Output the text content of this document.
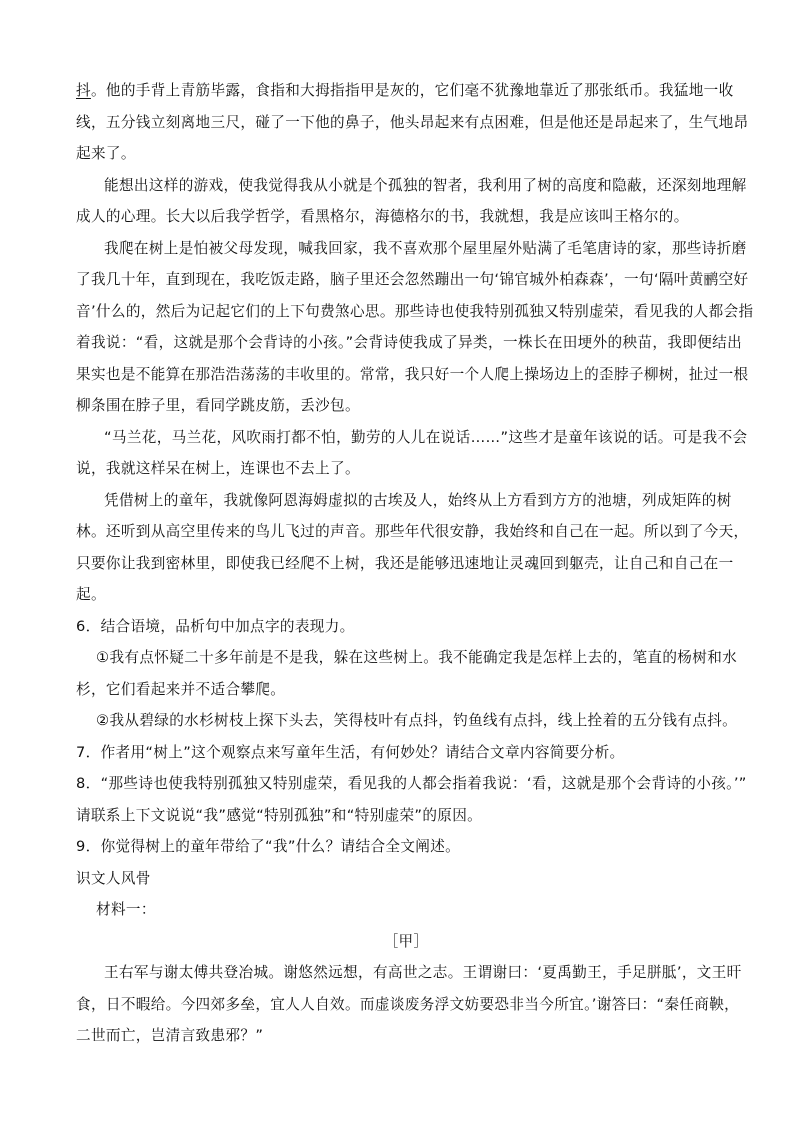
抖。他的手背上青筋毕露，食指和大拇指指甲是灰的，它们毫不犹豫地靠近了那张纸币。我猛地一收
线，五分钱立刻离地三尺，碰了一下他的鼻子，他头昂起来有点困难，但是他还是昂起来了，生气地昂
起来了。
能想出这样的游戏，使我觉得我从小就是个孤独的智者，我利用了树的高度和隐蔽，还深刻地理解
成人的心理。长大以后我学哲学，看黑格尔，海德格尔的书，我就想，我是应该叫王格尔的。
我爬在树上是怕被父母发现，喊我回家，我不喜欢那个屋里屋外贴满了毛笔唐诗的家，那些诗折磨
了我几十年，直到现在，我吃饭走路，脑子里还会忽然蹦出一句‘锦官城外柏森森’，一句‘隔叶黄鹂空好
音’什么的，然后为记起它们的上下句费煞心思。那些诗也使我特别孤独又特别虚荣，看见我的人都会指
着我说：“看，这就是那个会背诗的小孩。”会背诗使我成了异类，一株长在田埂外的秧苗，我即便结出
果实也是不能算在那浩浩荡荡的丰收里的。常常，我只好一个人爬上操场边上的歪脖子柳树，扯过一根
柳条围在脖子里，看同学跳皮筋，丢沙包。
“马兰花，马兰花，风吹雨打都不怕，勤劳的人儿在说话……”这些才是童年该说的话。可是我不会
说，我就这样呆在树上，连课也不去上了。
凭借树上的童年，我就像阿恩海姆虚拟的古埃及人，始终从上方看到方方的池塘，列成矩阵的树
林。还听到从高空里传来的鸟儿飞过的声音。那些年代很安静，我始终和自己在一起。所以到了今天，
只要你让我到密林里，即使我已经爬不上树，我还是能够迅速地让灵魂回到躯壳，让自己和自己在一
起。
6．结合语境，品析句中加点字的表现力。
①我有点怀疑二十多年前是不是我，躲在这些树上。我不能确定我是怎样上去的，笔直的杨树和水
杉，它们看起来并不适合攀爬。
②我从碧绿的水杉树枝上探下头去，笑得枝叶有点抖，钓鱼线有点抖，线上拴着的五分钱有点抖。
7．作者用“树上”这个观察点来写童年生活，有何妙处？请结合文章内容简要分析。
8．“那些诗也使我特别孤独又特别虚荣，看见我的人都会指着我说：‘看，这就是那个会背诗的小孩。’”
请联系上下文说说“我”感觉“特别孤独”和“特别虚荣”的原因。
9．你觉得树上的童年带给了“我”什么？请结合全文阐述。
识文人风骨
材料一：
［甲］
王右军与谢太傅共登冶城。谢悠然远想，有高世之志。王谓谢曰：‘夏禹勤王，手足胼胝’，文王旰
食，日不暇给。今四郊多垒，宜人人自效。而虚谈废务浮文妨要恐非当今所宜。’谢答曰：“秦任商鞅，
二世而亡，岂清言致患邪？”
